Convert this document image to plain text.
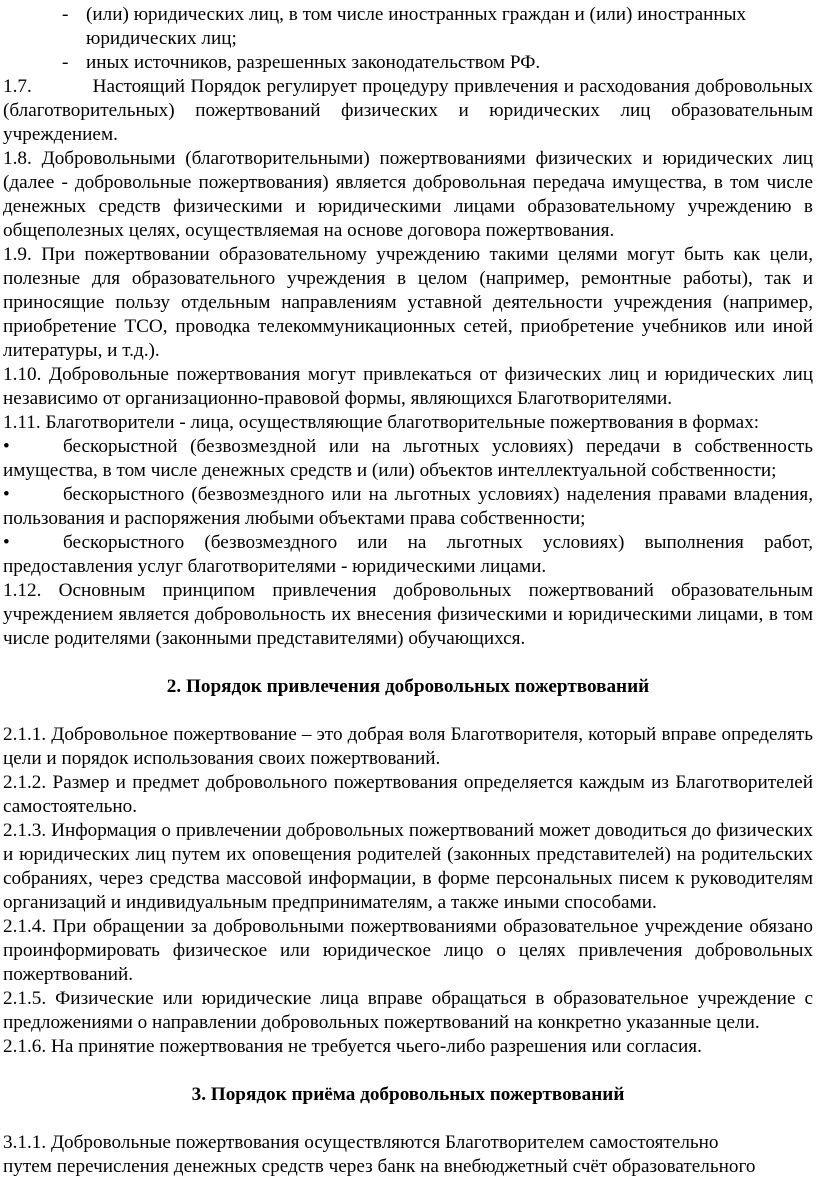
- (или) юридических лиц, в том числе иностранных граждан и (или) иностранных
юридических лиц;

- иных источников, разрешенных законодательством РФ.

1.7.	Настоящий Порядок регулирует процедуру привлечения и расходования добровольных (благотворительных) пожертвований физических и юридических лиц образовательным учреждением.

1.8. Добровольными (благотворительными) пожертвованиями физических и юридических лиц (далее - добровольные пожертвования) является добровольная передача имущества, в том числе денежных средств физическими и юридическими лицами образовательному учреждению в общеполезных целях, осуществляемая на основе договора пожертвования.

1.9. При пожертвовании образовательному учреждению такими целями могут быть как цели, полезные для образовательного учреждения в целом (например, ремонтные работы), так и приносящие пользу отдельным направлениям уставной деятельности учреждения (например, приобретение ТСО, проводка телекоммуникационных сетей, приобретение учебников или иной литературы, и т.д.).

1.10. Добровольные пожертвования могут привлекаться от физических лиц и юридических лиц независимо от организационно-правовой формы, являющихся Благотворителями.

1.11. Благотворители - лица, осуществляющие благотворительные пожертвования в формах:

•	бескорыстной (безвозмездной или на льготных условиях) передачи в собственность имущества, в том числе денежных средств и (или) объектов интеллектуальной собственности;

•	бескорыстного (безвозмездного или на льготных условиях) наделения правами владения, пользования и распоряжения любыми объектами права собственности;

•	бескорыстного (безвозмездного или на льготных условиях) выполнения работ, предоставления услуг благотворителями - юридическими лицами.

1.12. Основным принципом привлечения добровольных пожертвований образовательным учреждением является добровольность их внесения физическими и юридическими лицами, в том числе родителями (законными представителями) обучающихся.

2. Порядок привлечения добровольных пожертвований

2.1.1. Добровольное пожертвование – это добрая воля Благотворителя, который вправе определять цели и порядок использования своих пожертвований.

2.1.2. Размер и предмет добровольного пожертвования определяется каждым из Благотворителей самостоятельно.

2.1.3. Информация о привлечении добровольных пожертвований может доводиться до физических и юридических лиц путем их оповещения родителей (законных представителей) на родительских собраниях, через средства массовой информации, в форме персональных писем к руководителям организаций и индивидуальным предпринимателям, а также иными способами.

2.1.4. При обращении за добровольными пожертвованиями образовательное учреждение обязано проинформировать физическое или юридическое лицо о целях привлечения добровольных пожертвований.

2.1.5. Физические или юридические лица вправе обращаться в образовательное учреждение с предложениями о направлении добровольных пожертвований на конкретно указанные цели.

2.1.6. На принятие пожертвования не требуется чьего-либо разрешения или согласия.

3. Порядок приёма добровольных пожертвований

3.1.1. Добровольные пожертвования осуществляются Благотворителем самостоятельно
путем перечисления денежных средств через банк на внебюджетный счёт образовательного
